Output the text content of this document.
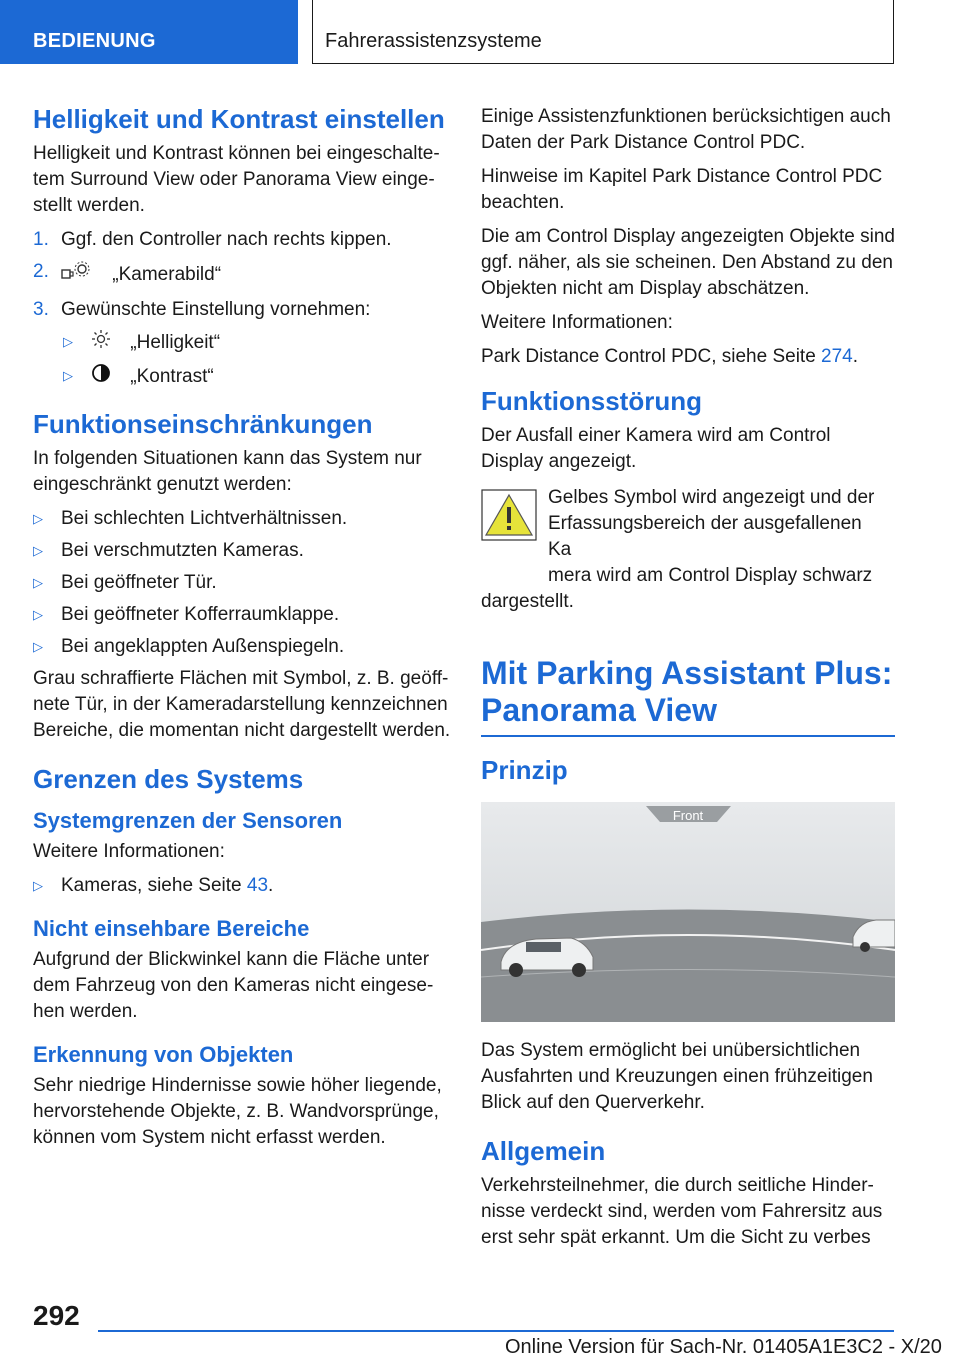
BEDIENUNG	Fahrerassistenzsysteme
Helligkeit und Kontrast einstellen

Helligkeit und Kontrast können bei eingeschaltetem Surround View oder Panorama View eingestellt werden.

1. Ggf. den Controller nach rechts kippen.
2.	„Kamerabild“
3. Gewünschte Einstellung vornehmen:
▷	„Helligkeit“
▷	„Kontrast“
Funktionseinschränkungen

In folgenden Situationen kann das System nur eingeschränkt genutzt werden:

▷ Bei schlechten Lichtverhältnissen.
▷ Bei verschmutzten Kameras.
▷ Bei geöffneter Tür.
▷ Bei geöffneter Kofferraumklappe.
▷ Bei angeklappten Außenspiegeln.

Grau schraffierte Flächen mit Symbol, z. B. geöffnete Tür, in der Kameradarstellung kennzeichnen Bereiche, die momentan nicht dargestellt werden.

Grenzen des Systems
Systemgrenzen der Sensoren

Weitere Informationen:

▷ Kameras, siehe Seite 43.
Nicht einsehbare Bereiche

Aufgrund der Blickwinkel kann die Fläche unter dem Fahrzeug von den Kameras nicht eingesehen werden.

Erkennung von Objekten

Sehr niedrige Hindernisse sowie höher liegende, hervorstehende Objekte, z. B. Wandvorsprünge, können vom System nicht erfasst werden.

Einige Assistenzfunktionen berücksichtigen auch Daten der Park Distance Control PDC.

Hinweise im Kapitel Park Distance Control PDC beachten.

Die am Control Display angezeigten Objekte sind ggf. näher, als sie scheinen. Den Abstand zu den Objekten nicht am Display abschätzen.

Weitere Informationen:

Park Distance Control PDC, siehe Seite 274.

Funktionsstörung

Der Ausfall einer Kamera wird am Control Display angezeigt.

Gelbes Symbol wird angezeigt und der
Erfassungsbereich der ausgefallenen Ka
mera wird am Control Display schwarz
dargestellt.
Mit Parking Assistant Plus: Panorama View
Prinzip
Front

Das System ermöglicht bei unübersichtlichen Ausfahrten und Kreuzungen einen frühzeitigen Blick auf den Querverkehr.

Allgemein

Verkehrsteilnehmer, die durch seitliche Hindernisse verdeckt sind, werden vom Fahrersitz aus erst sehr spät erkannt. Um die Sicht zu verbes

292
Online Version für Sach-Nr. 01405A1E3C2 - X/20
